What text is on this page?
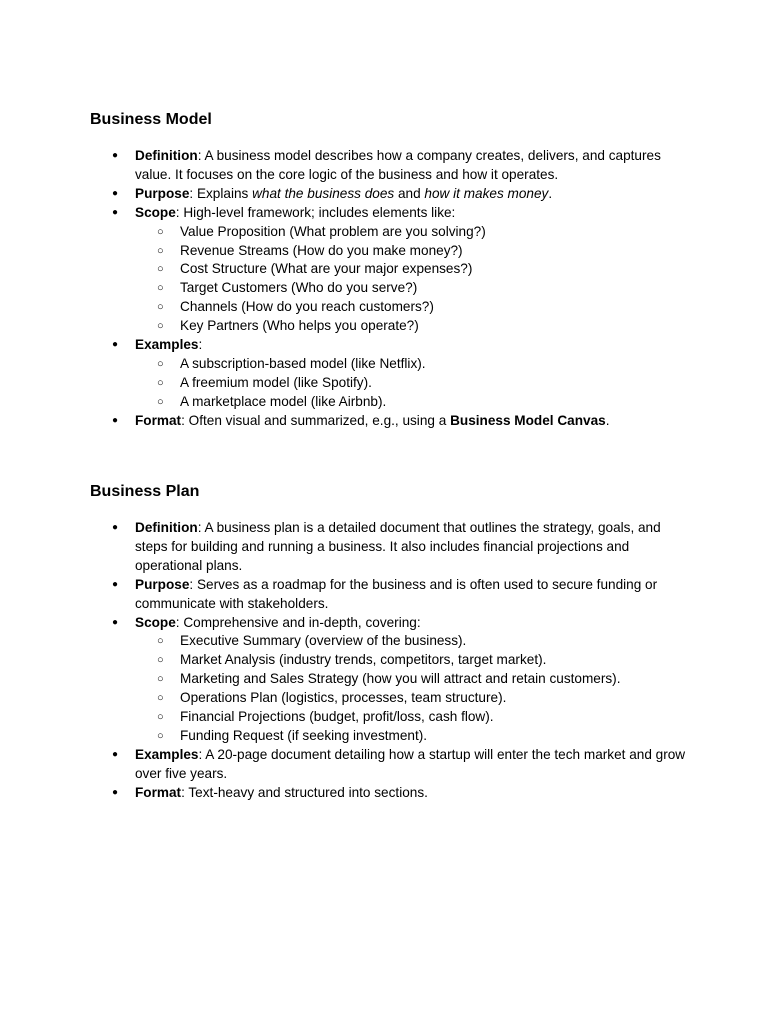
Business Model
● Definition: A business model describes how a company creates, delivers, and captures value. It focuses on the core logic of the business and how it operates.
● Purpose: Explains what the business does and how it makes money.
● Scope: High-level framework; includes elements like:
○ Value Proposition (What problem are you solving?)
○ Revenue Streams (How do you make money?)
○ Cost Structure (What are your major expenses?)
○ Target Customers (Who do you serve?)
○ Channels (How do you reach customers?)
○ Key Partners (Who helps you operate?)
● Examples:
○ A subscription-based model (like Netflix).
○ A freemium model (like Spotify).
○ A marketplace model (like Airbnb).
● Format: Often visual and summarized, e.g., using a Business Model Canvas.
Business Plan
● Definition: A business plan is a detailed document that outlines the strategy, goals, and steps for building and running a business. It also includes financial projections and operational plans.
● Purpose: Serves as a roadmap for the business and is often used to secure funding or communicate with stakeholders.
● Scope: Comprehensive and in-depth, covering:
○ Executive Summary (overview of the business).
○ Market Analysis (industry trends, competitors, target market).
○ Marketing and Sales Strategy (how you will attract and retain customers).
○ Operations Plan (logistics, processes, team structure).
○ Financial Projections (budget, profit/loss, cash flow).
○ Funding Request (if seeking investment).
● Examples: A 20-page document detailing how a startup will enter the tech market and grow over five years.
● Format: Text-heavy and structured into sections.
